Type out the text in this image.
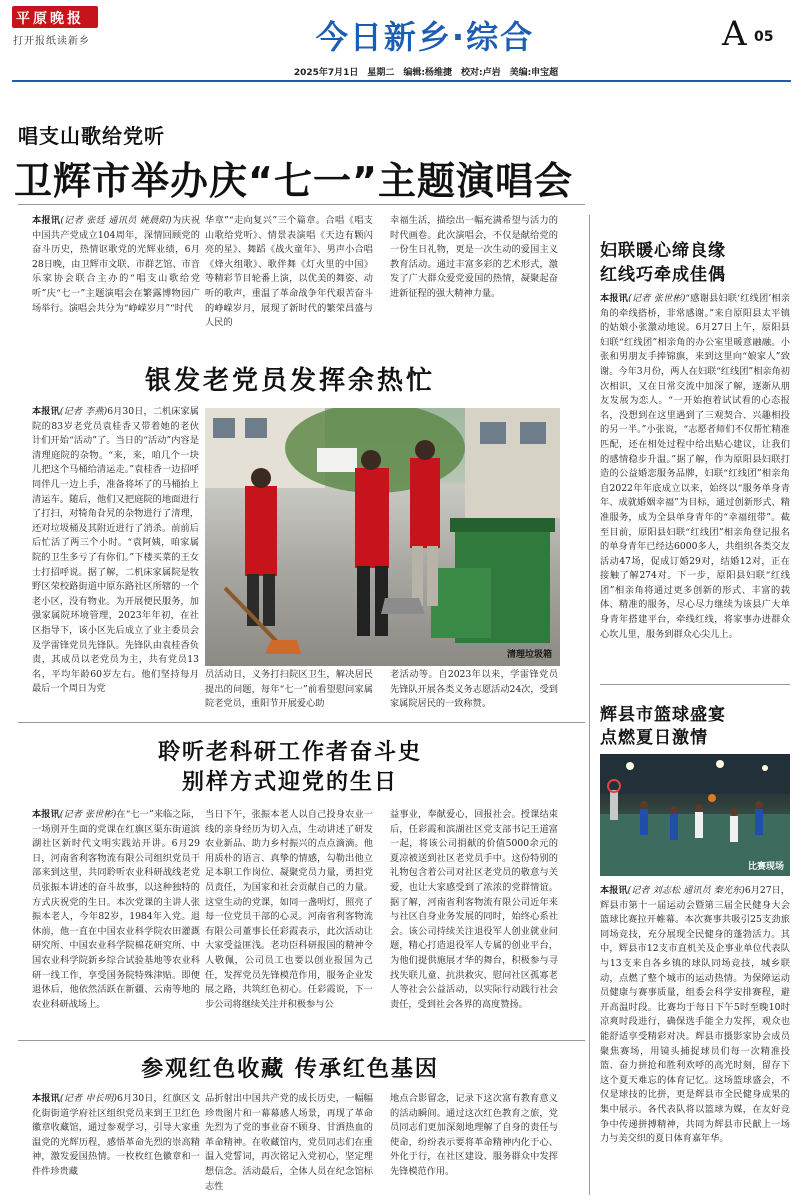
平原晚报
打开报纸读新乡	今日新乡·综合	A 05
2025年7月1日　星期二　编辑:杨维捷　校对:卢岩　美编:申宝超
唱支山歌给党听
卫辉市举办庆“七一”主题演唱会
本报讯(记者 张廷 通讯员 姚晨阳)为庆祝中国共产党成立104周年，深情回顾党的奋斗历史，热情讴歌党的光辉业绩，6月28日晚，由卫辉市文联、市群艺馆、市音乐家协会联合主办的“唱支山歌给党听”庆“七一”主题演唱会在繁露博物园广场举行。演唱会共分为“峥嵘岁月”“时代
华章”“走向复兴”三个篇章。合唱《唱支山歌给党听》、情景表演唱《天边有颗闪亮的星》、舞蹈《战火童年》、男声小合唱《烽火组歌》、歌伴舞《灯火里的中国》等精彩节目轮番上演，以优美的舞姿、动听的歌声，重温了革命战争年代艰苦奋斗的峥嵘岁月，展现了新时代的繁荣昌盛与人民的
幸福生活，描绘出一幅充满希望与活力的时代画卷。此次演唱会，不仅是献给党的一份生日礼物，更是一次生动的爱国主义教育活动。通过丰富多彩的艺术形式，激发了广大群众爱党爱国的热情，凝聚起奋进新征程的强大精神力量。
银发老党员发挥余热忙
本报讯(记者 李燕)6月30日，二机床家属院的83岁老党员袁桂香又带着她的老伙计们开始“活动”了。当日的“活动”内容是清理庭院的杂物。“来，来，咱几个一块儿把这个马桶给清运走。”袁桂香一边招呼同伴几一边上手，准备将坏了的马桶抬上清运车。随后，他们又把庭院的地面进行了打扫，对犄角旮旯的杂物进行了清理，还对垃圾桶及其附近进行了消杀。前前后后忙活了两三个小时。“袁阿姨，咱家属院的卫生多亏了有你们。”下楼买菜的王女士打招呼说。据了解，二机床家属院是牧野区荣校路街道中原东路社区所辖的一个老小区，没有物业。为开展便民服务，加强家属院环境管理，2023年年初，在社区指导下，该小区先后成立了业主委员会及学雷锋党员先锋队。先锋队由袁桂香负责，其成员以老党员为主，共有党员13名，平均年龄60岁左右。他们坚持每月最后一个周日为党
清理垃圾箱
员活动日，义务打扫院区卫生，解决居民提出的问题，每年“七一”前看望慰问家属院老党员，重阳节开展爱心助
老活动等。自2023年以来，学雷锋党员先锋队开展各类义务志愿活动24次，受到家属院居民的一致称赞。
聆听老科研工作者奋斗史
别样方式迎党的生日
本报讯(记者 张世彬)在“七一”来临之际，一场別开生面的党课在红旗区渠东街道滨湖社区新时代文明实践站开讲。6月29日，河南省利客物流有限公司组织党员干部来到这里，共同聆听农业科研战线老党员张振本讲述的奋斗故事，以这种独特的方式庆祝党的生日。本次党课的主讲人张振本老人，今年82岁，1984年入党。退休前，他一直在中国农业科学院农田灌溉研究所、中国农业科学院棉花研究所、中国农业科学院新乡综合试验基地等农业科研一线工作，享受国务院特殊津贴。即便退休后，他依然活跃在新疆、云南等地的农业科研战场上。
当日下午，张振本老人以自己投身农业一线的亲身经历为切入点，生动讲述了研发农业新品、助力乡村振兴的点点滴滴。他用质朴的语言、真挚的情感，勾勒出他立足本职工作岗位、凝聚党员力量，勇担党员责任，为国家和社会贡献自己的力量。这堂生动的党课，如同一盏明灯，照亮了每一位党员干部的心灵。河南省利客物流有限公司董事长任彩霞表示，此次活动让大家受益匪浅。老功臣科研报国的精神令人敬佩，公司员工也要以创业报国为己任，发挥党员先锋模范作用，服务企业发展之路，共筑红色初心。任彩霞说，下一步公司将继续关注并积极参与公
益事业，奉献爱心，回报社会。授课结束后，任彩霞和滨湖社区党支部书记王道富一起，将该公司捐献的价值5000余元的夏凉被送到社区老党员手中。这份特别的礼物包含着公司对社区老党员的敬意与关爱，也让大家感受到了浓浓的党群情谊。据了解，河南省利客物流有限公司近年来与社区自身业务发展的同时，始终心系社会。该公司持续关注退役军人创业就业问题，精心打造退役军人专属的创业平台，为他们提供施展才华的舞台，积极参与寻找失联儿童、抗洪救灾、慰问社区孤寡老人等社会公益活动，以实际行动践行社会责任，受到社会各界的高度赞扬。
参观红色收藏 传承红色基因
本报讯(记者 申长明)6月30日，红旗区文化街街道学府社区组织党员来到王卫红色徽章收藏馆，通过参观学习，引导大家重温党的光辉历程，感悟革命先烈的崇高精神，激发爱国热情。一枚枚红色徽章和一件件珍贵藏
品折射出中国共产党的成长历史，一幅幅珍贵图片和一幕幕感人场景，再现了革命先烈为了党的事业奋不顾身、甘洒热血的革命精神。在收藏馆内，党员同志们在重温入党誓词，再次铭记入党初心，坚定理想信念。活动最后，全体人员在纪念馆标志性
地点合影留念，记录下这次富有教育意义的活动瞬间。通过这次红色教育之旅，党员同志们更加深刻地理解了自身的责任与使命，纷纷表示要将革命精神内化于心、外化于行，在社区建设、服务群众中发挥先锋模范作用。
妇联暖心缔良缘
红线巧牵成佳偶
本报讯(记者 张世彬)“感谢县妇联‘红线团’相亲角的牵线搭桥，非常感谢。”来自原阳县太平镇的姑娘小张激动地说。6月27日上午，原阳县妇联“红线团”相亲角的办公室里暖意融融。小张和男朋友手捧锦旗，来到这里向“娘家人”致谢。今年3月份，两人在妇联“红线团”相亲角初次相识，又在日常交流中加深了解，逐渐从朋友发展为恋人。“一开始抱着试试看的心态报名，没想到在这里遇到了三观契合、兴趣相投的另一半。”小张说，“志愿者师们不仅帮忙精准匹配，还在相处过程中给出贴心建议，让我们的感情稳步升温。”据了解，作为原阳县妇联打造的公益婚恋服务品牌，妇联“红线团”相亲角自2022年年底成立以来，始终以“服务单身青年、成就婚姻幸福”为目标，通过创新形式、精准服务，成为全县单身青年的“幸福纽带”。截至目前，原阳县妇联“红线团”相亲角登记报名的单身青年已经达6000多人，共组织各类交友活动47场，促成订婚29对，结婚12对，正在接触了解274对。下一步，原阳县妇联“红线团”相亲角将通过更多创新的形式、丰富的载体、精准的服务，尽心尽力继续为该县广大单身青年搭建平台，牵线红线，将家事办进群众心坎儿里，服务到群众心尖儿上。
辉县市篮球盛宴
点燃夏日激情
比赛现场
本报讯(记者 刘志松 通讯员 秦光东)6月27日，辉县市第十一届运动会暨第三届全民健身大会篮球比赛拉开帷幕。本次赛事共吸引25支劲旅同场竞技，充分展现全民健身的蓬勃活力。其中，辉县市12支市直机关及企事业单位代表队与13支来自各乡镇的球队同场竞技，城乡联动，点燃了整个城市的运动热情。为保障运动员健康与赛事质量，组委会科学安排赛程，避开高温时段。比赛均于每日下午5时至晚10时凉爽时段进行，确保选手能全力发挥，观众也能舒适享受精彩对决。辉县市摄影家协会成员聚焦赛场，用镜头捕捉球员们每一次精准投篮、奋力拼抢和胜利欢呼的高光时刻，留存下这个夏天难忘的体育记忆。这场篮球盛会，不仅是球技的比拼，更是辉县市全民健身成果的集中展示。各代表队将以篮球为媒，在友好竞争中传递拼搏精神，共同为辉县市民献上一场力与美交织的夏日体育嘉年华。
